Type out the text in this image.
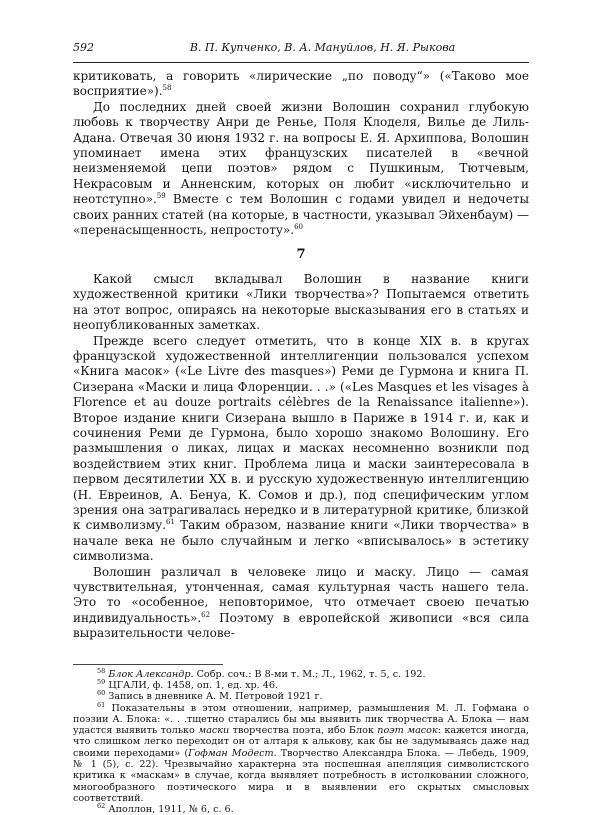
592	В. П. Купченко, В. А. Мануйлов, Н. Я. Рыкова

критиковать, а говорить «лирические „по поводу“» («Таково мое восприятие»).$^{58}$

До последних дней своей жизни Волошин сохранил глубокую любовь к творчеству Анри де Ренье, Поля Клоделя, Вилье де Лиль-Адана. Отвечая 30 июня 1932 г. на вопросы Е. Я. Архиппова, Волошин упоминает имена этих французских писателей в «вечной неизменяемой цепи поэтов» рядом с Пушкиным, Тютчевым, Некрасовым и Анненским, которых он любит «исключительно и неотступно».$^{59}$ Вместе с тем Волошин с годами увидел и недочеты своих ранних статей (на которые, в частности, указывал Эйхенбаум) — «перенасыщенность, непростоту».$^{60}$

7

Какой смысл вкладывал Волошин в название книги художественной критики «Лики творчества»? Попытаемся ответить на этот вопрос, опираясь на некоторые высказывания его в статьях и неопубликованных заметках.

Прежде всего следует отметить, что в конце XIX в. в кругах французской художественной интеллигенции пользовался успехом «Книга масок» («Le Livre des masques») Реми де Гурмона и книга П. Сизерана «Маски и лица Флоренции. . .» («Les Masques et les visages à Florence et au douze portraits célèbres de la Renaissance italienne»). Второе издание книги Сизерана вышло в Париже в 1914 г. и, как и сочинения Реми де Гурмона, было хорошо знакомо Волошину. Его размышления о ликах, лицах и масках несомненно возникли под воздействием этих книг. Проблема лица и маски заинтересовала в первом десятилетии XX в. и русскую художественную интеллигенцию (Н. Евреинов, А. Бенуа, К. Сомов и др.), под специфическим углом зрения она затрагивалась нередко и в литературной критике, близкой к символизму.$^{61}$ Таким образом, название книги «Лики творчества» в начале века не было случайным и легко «вписывалось» в эстетику символизма.

Волошин различал в человеке лицо и маску. Лицо — самая чувствительная, утонченная, самая культурная часть нашего тела. Это то «особенное, неповторимое, что отмечает своею печатью индивидуальность».$^{62}$ Поэтому в европейской живописи «вся сила выразительности челове-

$^{58}$ Блок Александр. Собр. соч.: В 8-ми т. М.; Л., 1962, т. 5, с. 192.

$^{59}$ ЦГАЛИ, ф. 1458, оп. 1, ед. хр. 46.

$^{60}$ Запись в дневнике А. М. Петровой 1921 г.

$^{61}$ Показательны в этом отношении, например, размышления М. Л. Гофмана о поэзии А. Блока: «. . .тщетно старались бы мы выявить лик творчества А. Блока — нам удастся выявить только маски творчества поэта, ибо Блок поэт масок: кажется иногда, что слишком легко переходит он от алтаря к альковy, как бы не задумываясь даже над своими переходами» (Гофман Модест. Творчество Александра Блока. — Лебедь, 1909, № 1 (5), с. 22). Чрезвычайно характерна эта поспешная апелляция символистского критика к «маскам» в случае, когда выявляет потребность в истолковании сложного, многообразного поэтического мира и в выявлении его скрытых смысловых соответствий.

$^{62}$ Аполлон, 1911, № 6, с. 6.
